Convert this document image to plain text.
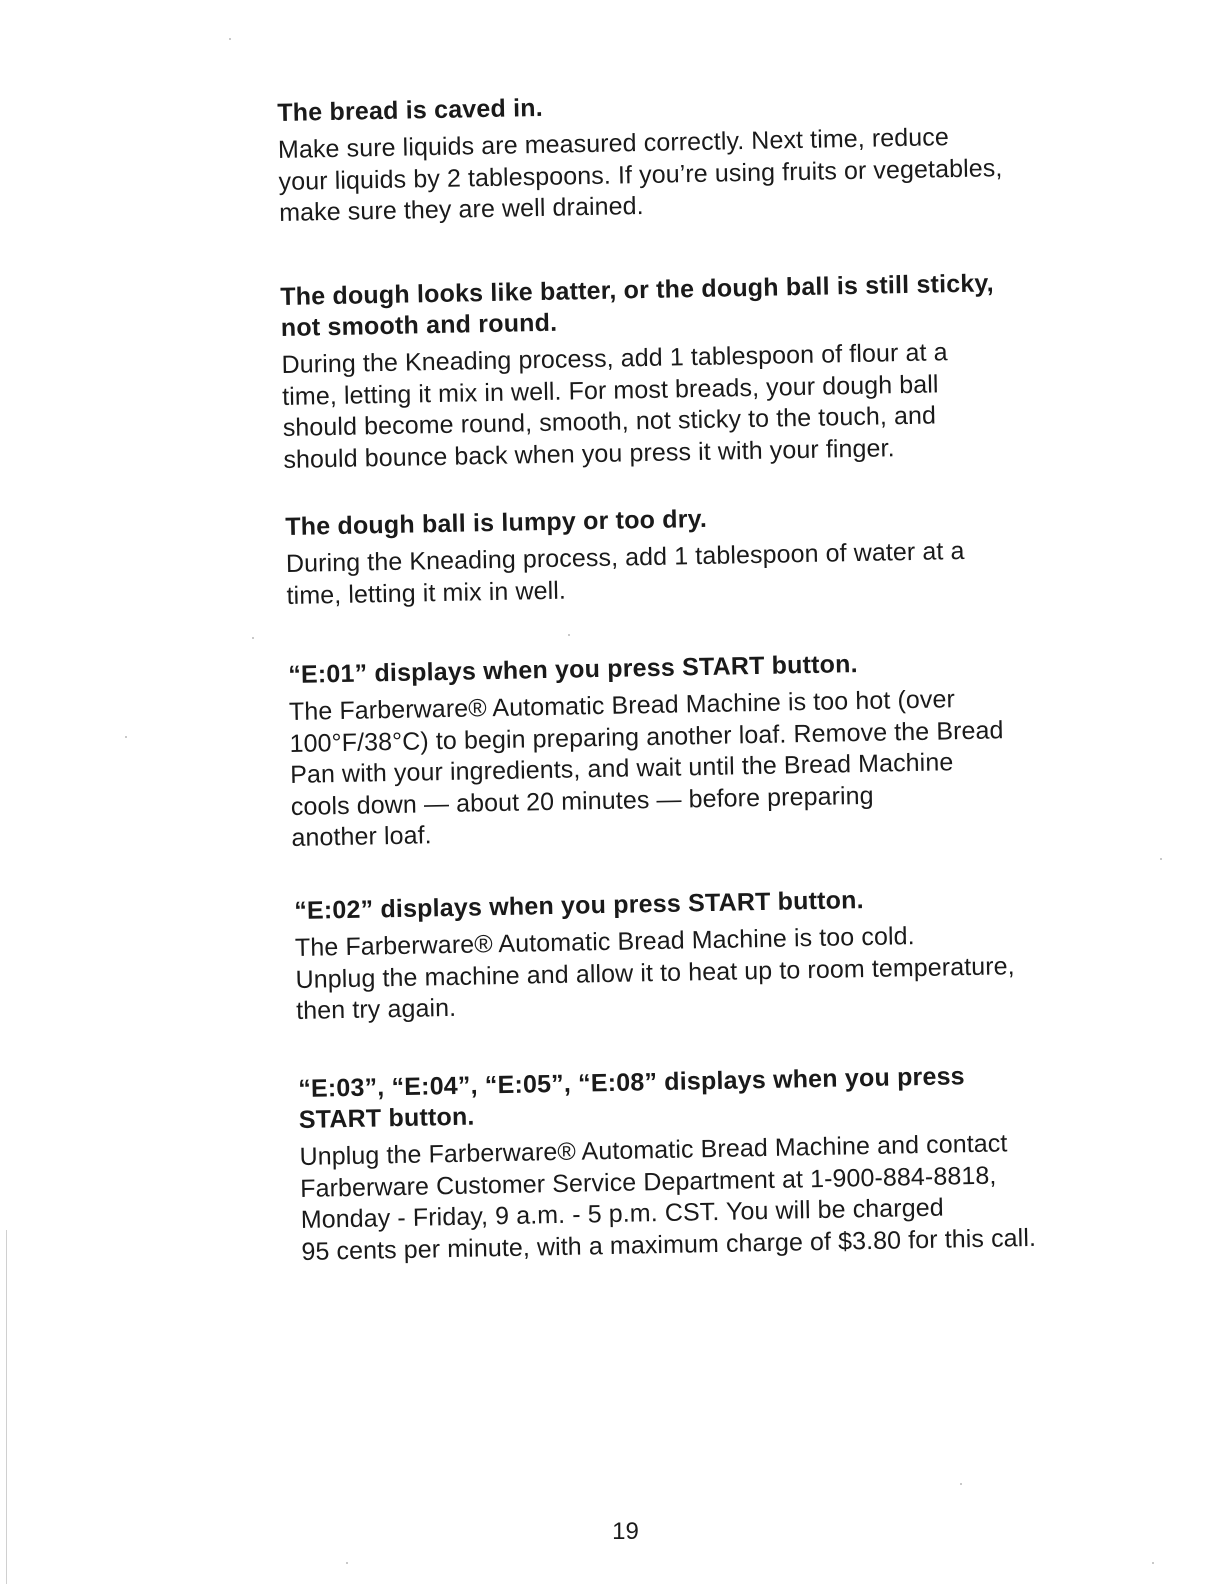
The bread is caved in.
Make sure liquids are measured correctly. Next time, reduce
your liquids by 2 tablespoons. If you’re using fruits or vegetables,
make sure they are well drained.
The dough looks like batter, or the dough ball is still sticky,
not smooth and round.
During the Kneading process, add 1 tablespoon of flour at a
time, letting it mix in well. For most breads, your dough ball
should become round, smooth, not sticky to the touch, and
should bounce back when you press it with your finger.
The dough ball is lumpy or too dry.
During the Kneading process, add 1 tablespoon of water at a
time, letting it mix in well.
“E:01” displays when you press START button.
The Farberware® Automatic Bread Machine is too hot (over
100°F/38°C) to begin preparing another loaf. Remove the Bread
Pan with your ingredients, and wait until the Bread Machine
cools down — about 20 minutes — before preparing
another loaf.
“E:02” displays when you press START button.
The Farberware® Automatic Bread Machine is too cold.
Unplug the machine and allow it to heat up to room temperature,
then try again.
“E:03”, “E:04”, “E:05”, “E:08” displays when you press
START button.
Unplug the Farberware® Automatic Bread Machine and contact
Farberware Customer Service Department at 1-900-884-8818,
Monday - Friday, 9 a.m. - 5 p.m. CST. You will be charged
95 cents per minute, with a maximum charge of $3.80 for this call.
19
